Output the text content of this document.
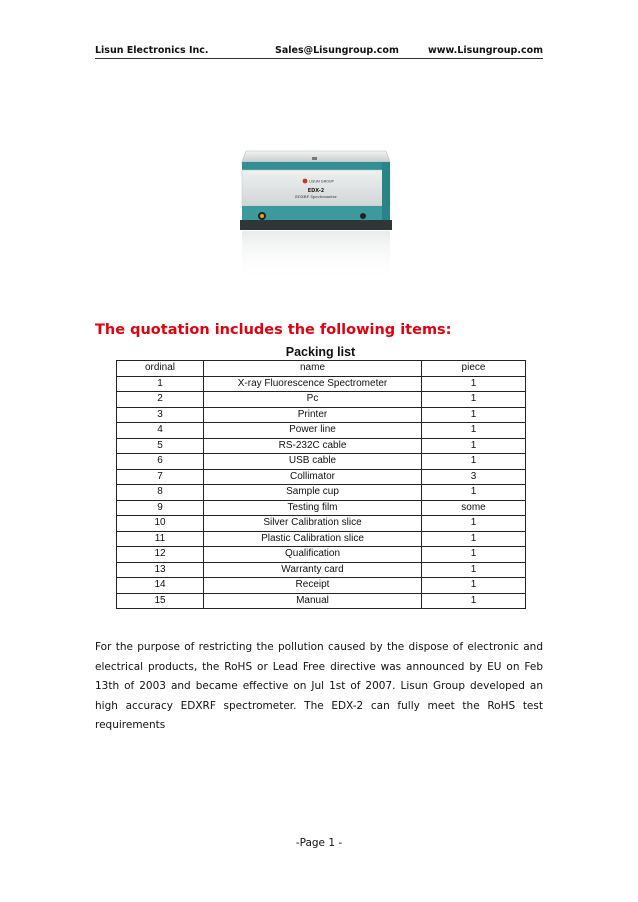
Lisun Electronics Inc.	Sales@Lisungroup.com	www.Lisungroup.com
LISUN GROUP
EDX-2
EDXRF Spectrometer
The quotation includes the following items:
Packing list
ordinal	name	piece
1	X-ray Fluorescence Spectrometer	1
2	Pc	1
3	Printer	1
4	Power line	1
5	RS-232C cable	1
6	USB cable	1
7	Collimator	3
8	Sample cup	1
9	Testing film	some
10	Silver Calibration slice	1
11	Plastic Calibration slice	1
12	Qualification	1
13	Warranty card	1
14	Receipt	1
15	Manual	1

For the purpose of restricting the pollution caused by the dispose of electronic and electrical products, the RoHS or Lead Free directive was announced by EU on Feb 13th of 2003 and became effective on Jul 1st of 2007. Lisun Group developed an high accuracy EDXRF spectrometer. The EDX-2 can fully meet the RoHS test requirements

-Page 1 -
